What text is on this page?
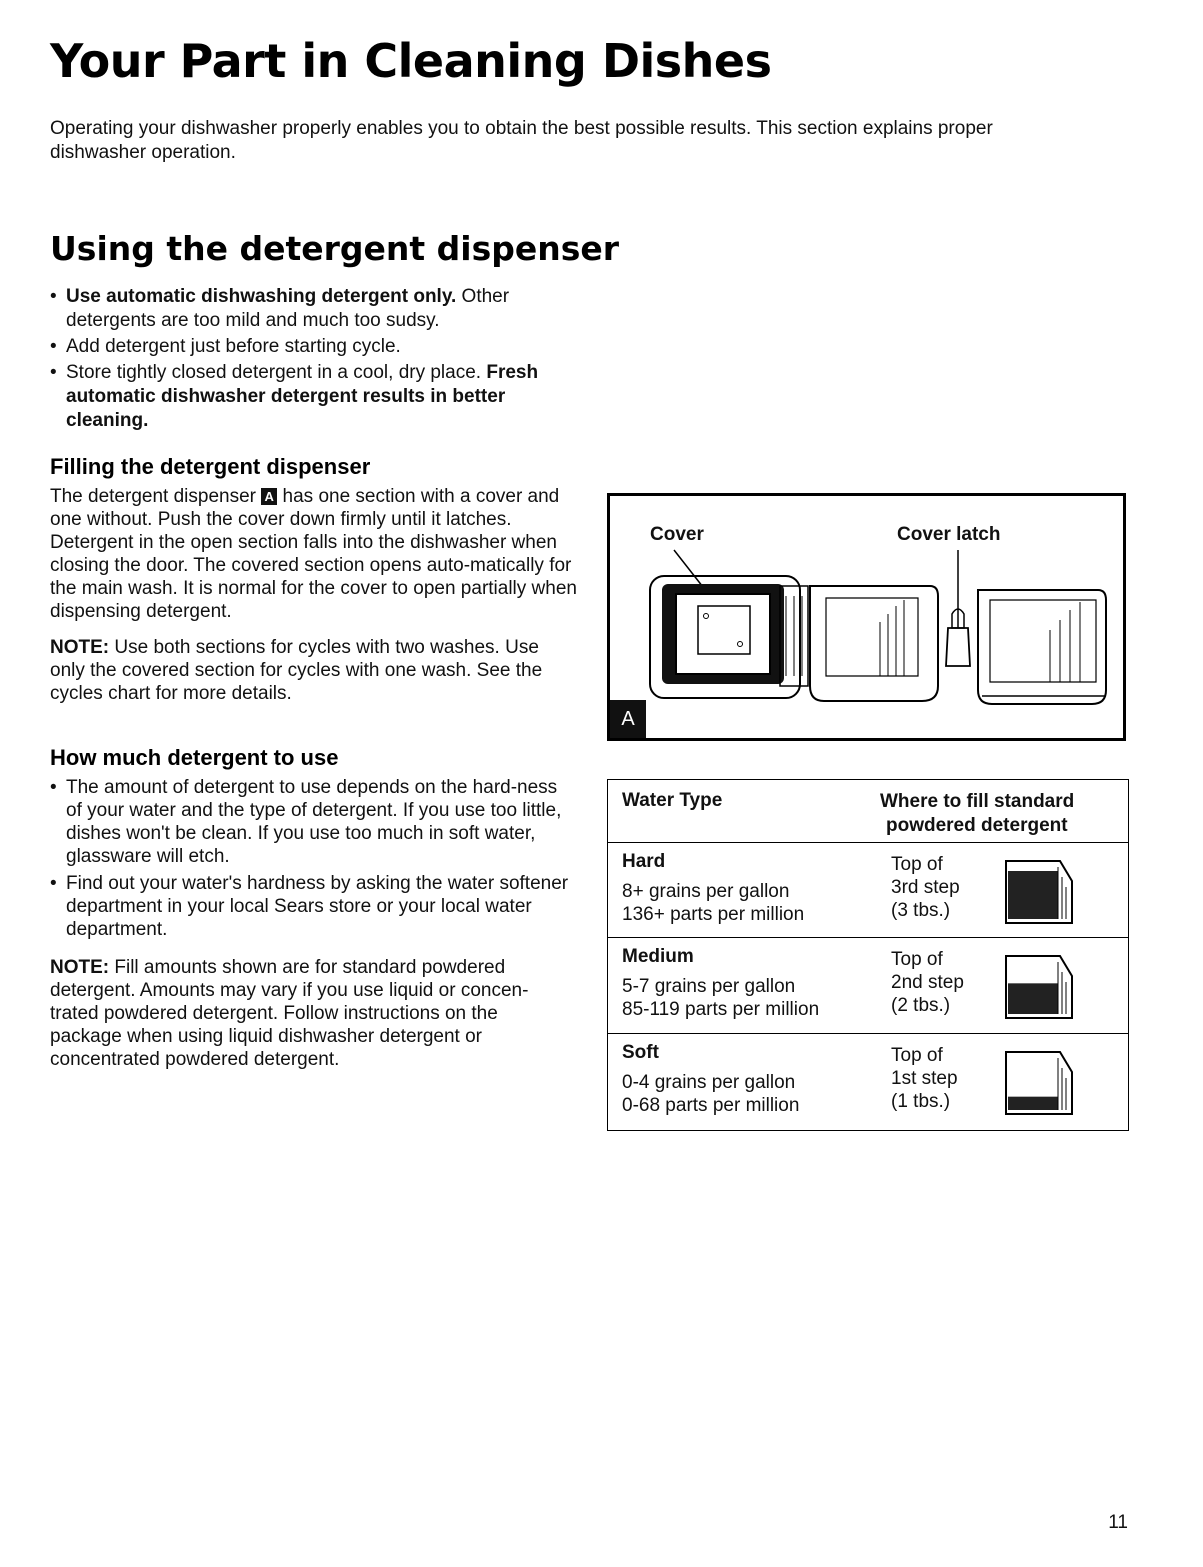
Your Part in Cleaning Dishes
Operating your dishwasher properly enables you to obtain the best possible results. This section explains proper dishwasher operation.
Using the detergent dispenser
• Use automatic dishwashing detergent only. Other detergents are too mild and much too sudsy.
• Add detergent just before starting cycle.
• Store tightly closed detergent in a cool, dry place. Fresh automatic dishwasher detergent results in better cleaning.
Filling the detergent dispenser

The detergent dispenser A has one section with a cover and one without. Push the cover down firmly until it latches. Detergent in the open section falls into the dishwasher when closing the door. The covered section opens auto-matically for the main wash. It is normal for the cover to open partially when dispensing detergent.

NOTE: Use both sections for cycles with two washes. Use only the covered section for cycles with one wash. See the cycles chart for more details.

Cover	Cover latch
A
How much detergent to use
• The amount of detergent to use depends on the hard-ness of your water and the type of detergent. If you use too little, dishes won't be clean. If you use too much in soft water, glassware will etch.
• Find out your water's hardness by asking the water softener department in your local Sears store or your local water department.

NOTE: Fill amounts shown are for standard powdered detergent. Amounts may vary if you use liquid or concen-trated powdered detergent. Follow instructions on the package when using liquid dishwasher detergent or concentrated powdered detergent.

Water Type	Where to fill standard
powdered detergent
Hard
8+ grains per gallon
136+ parts per million
Top of
3rd step
(3 tbs.)
Medium
5-7 grains per gallon
85-119 parts per million
Top of
2nd step
(2 tbs.)
Soft
0-4 grains per gallon
0-68 parts per million
Top of
1st step
(1 tbs.)
11
